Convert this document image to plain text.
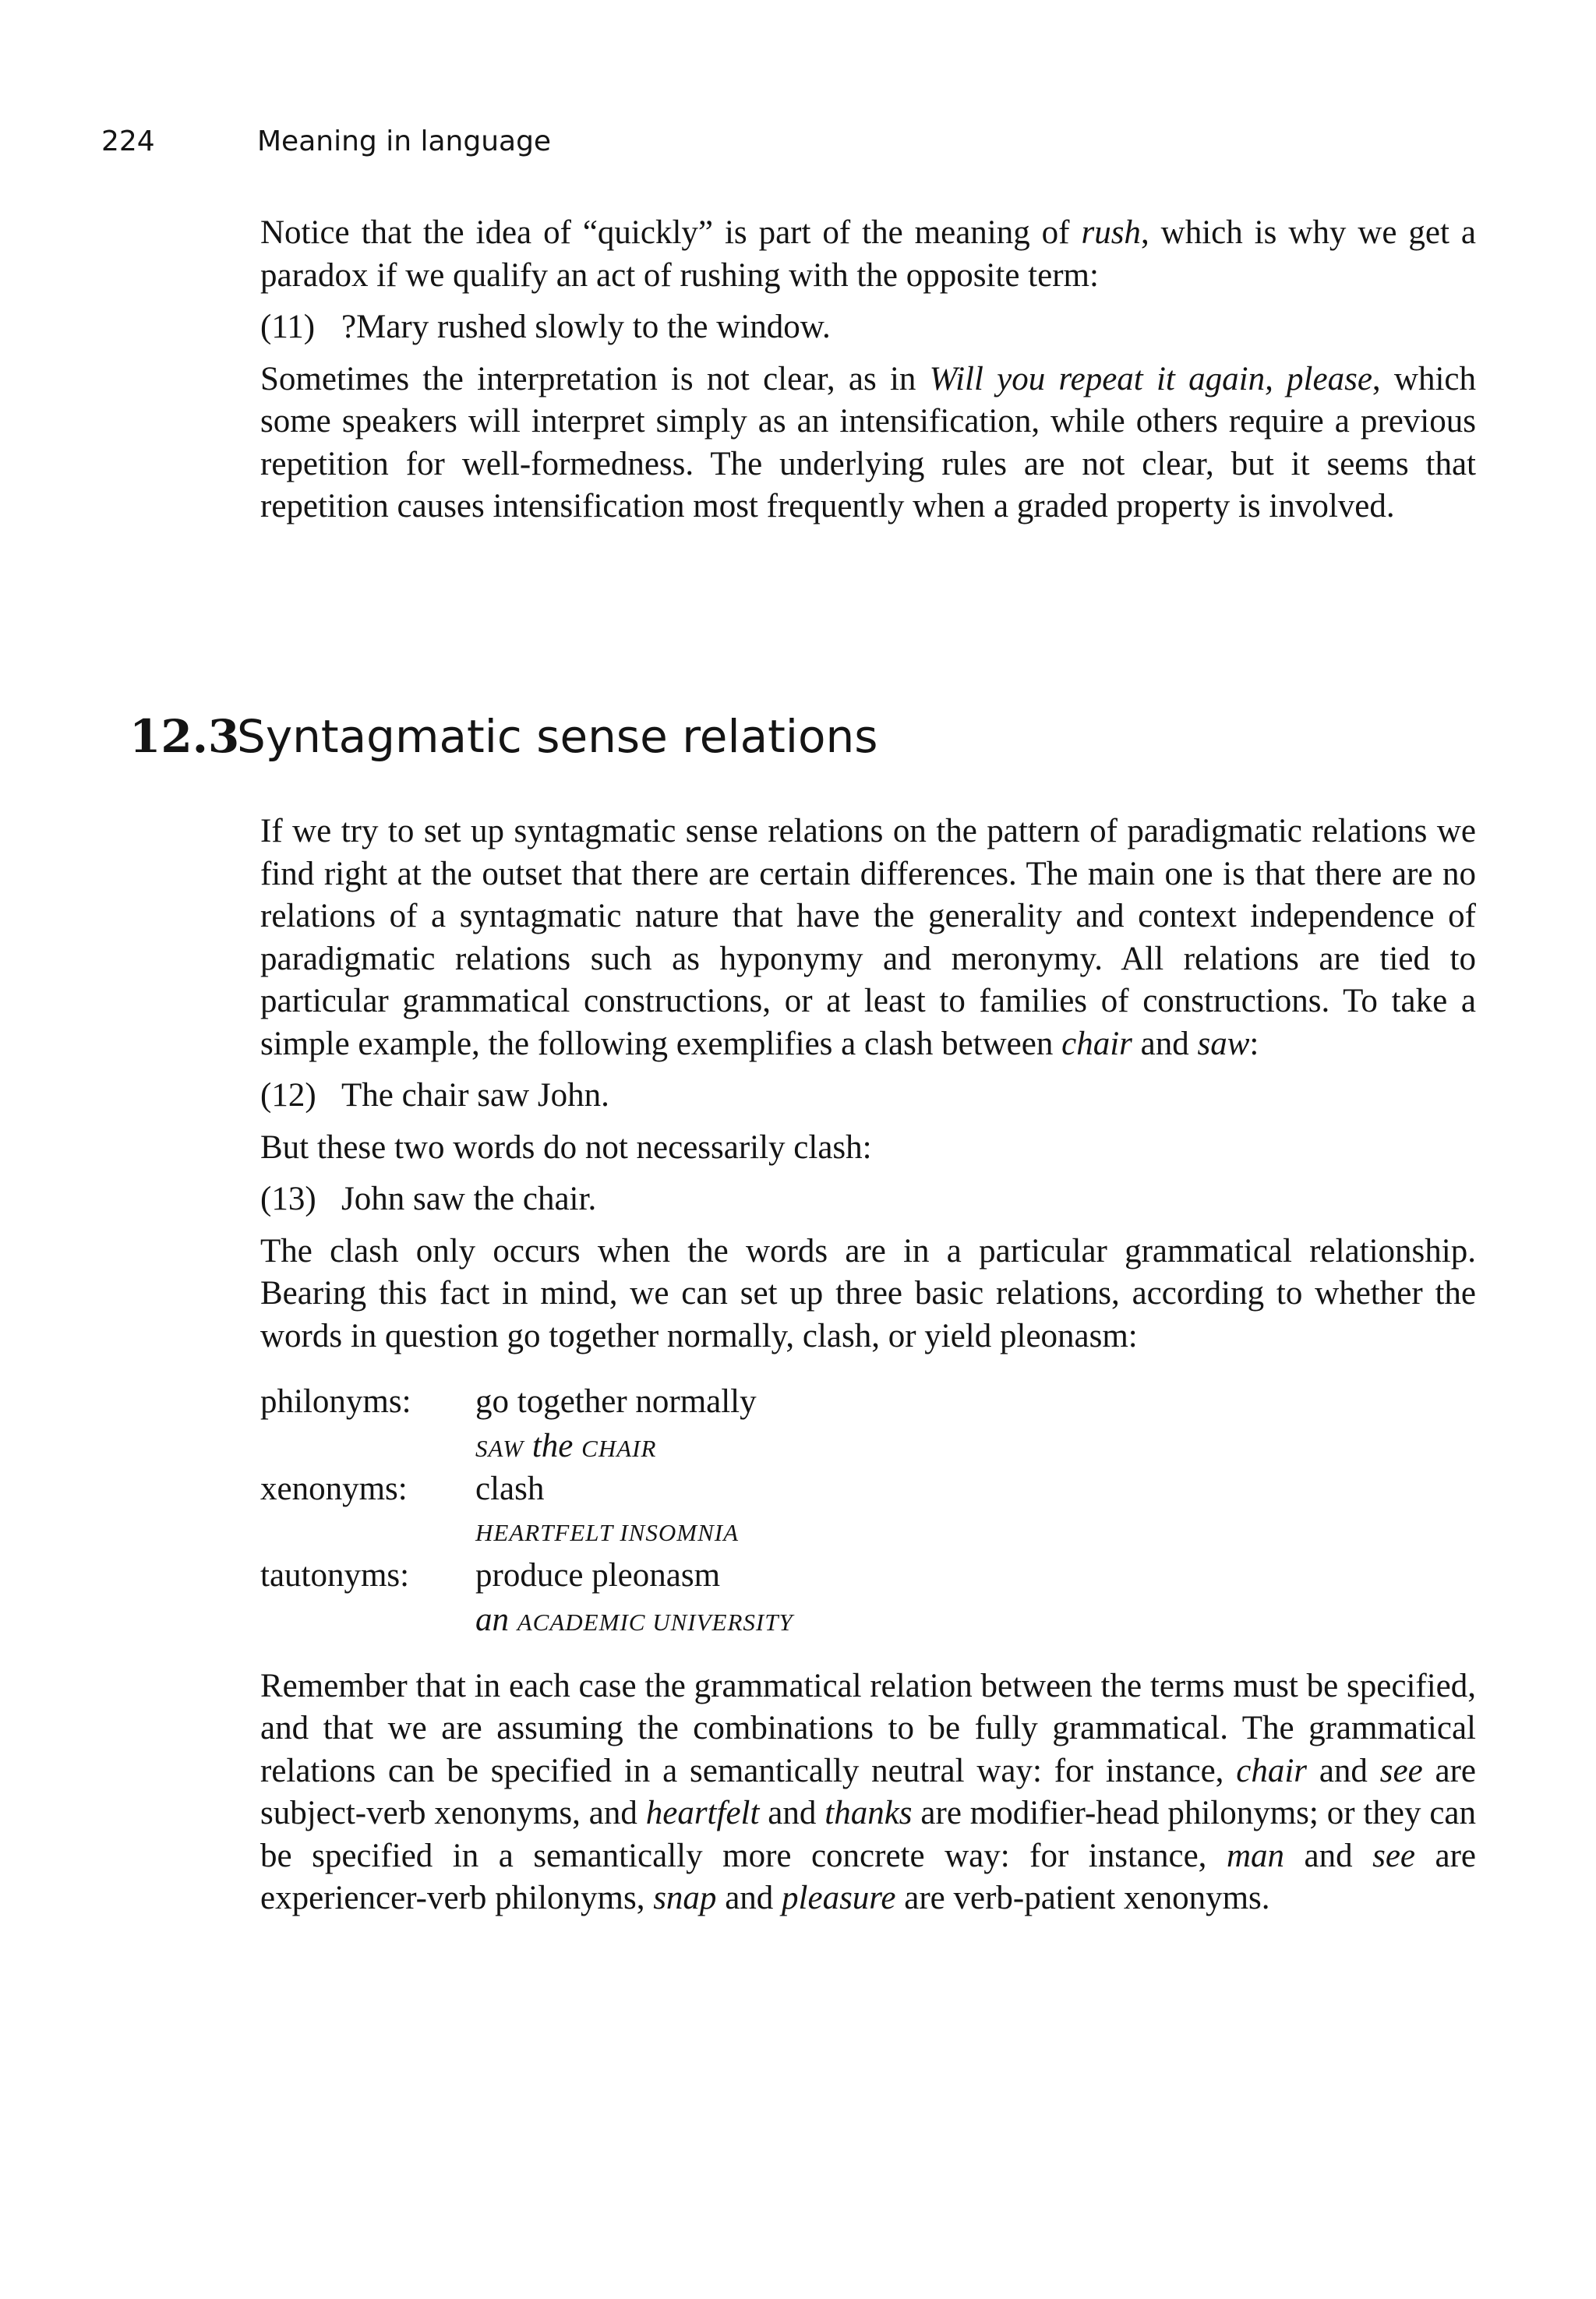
224	Meaning in language

Notice that the idea of “quickly” is part of the meaning of rush, which is why we get a paradox if we qualify an act of rushing with the opposite term:

(11) ?Mary rushed slowly to the window.

Sometimes the interpretation is not clear, as in Will you repeat it again, please, which some speakers will interpret simply as an intensification, while others require a previous repetition for well-formedness. The underlying rules are not clear, but it seems that repetition causes intensification most frequently when a graded property is involved.

12.3Syntagmatic sense relations

If we try to set up syntagmatic sense relations on the pattern of paradigmatic relations we find right at the outset that there are certain differences. The main one is that there are no relations of a syntagmatic nature that have the generality and context independence of paradigmatic relations such as hyponymy and meronymy. All relations are tied to particular grammatical constructions, or at least to families of constructions. To take a simple example, the following exemplifies a clash between chair and saw:

(12) The chair saw John.

But these two words do not necessarily clash:

(13) John saw the chair.

The clash only occurs when the words are in a particular grammatical relationship. Bearing this fact in mind, we can set up three basic relations, according to whether the words in question go together normally, clash, or yield pleonasm:

philonyms:	go together normally
SAW the CHAIR
xenonyms:	clash
HEARTFELT INSOMNIA
tautonyms:	produce pleonasm
an ACADEMIC UNIVERSITY

Remember that in each case the grammatical relation between the terms must be specified, and that we are assuming the combinations to be fully grammatical. The grammatical relations can be specified in a semantically neutral way: for instance, chair and see are subject-verb xenonyms, and heartfelt and thanks are modifier-head philonyms; or they can be specified in a semantically more concrete way: for instance, man and see are experiencer-verb philonyms, snap and pleasure are verb-patient xenonyms.
